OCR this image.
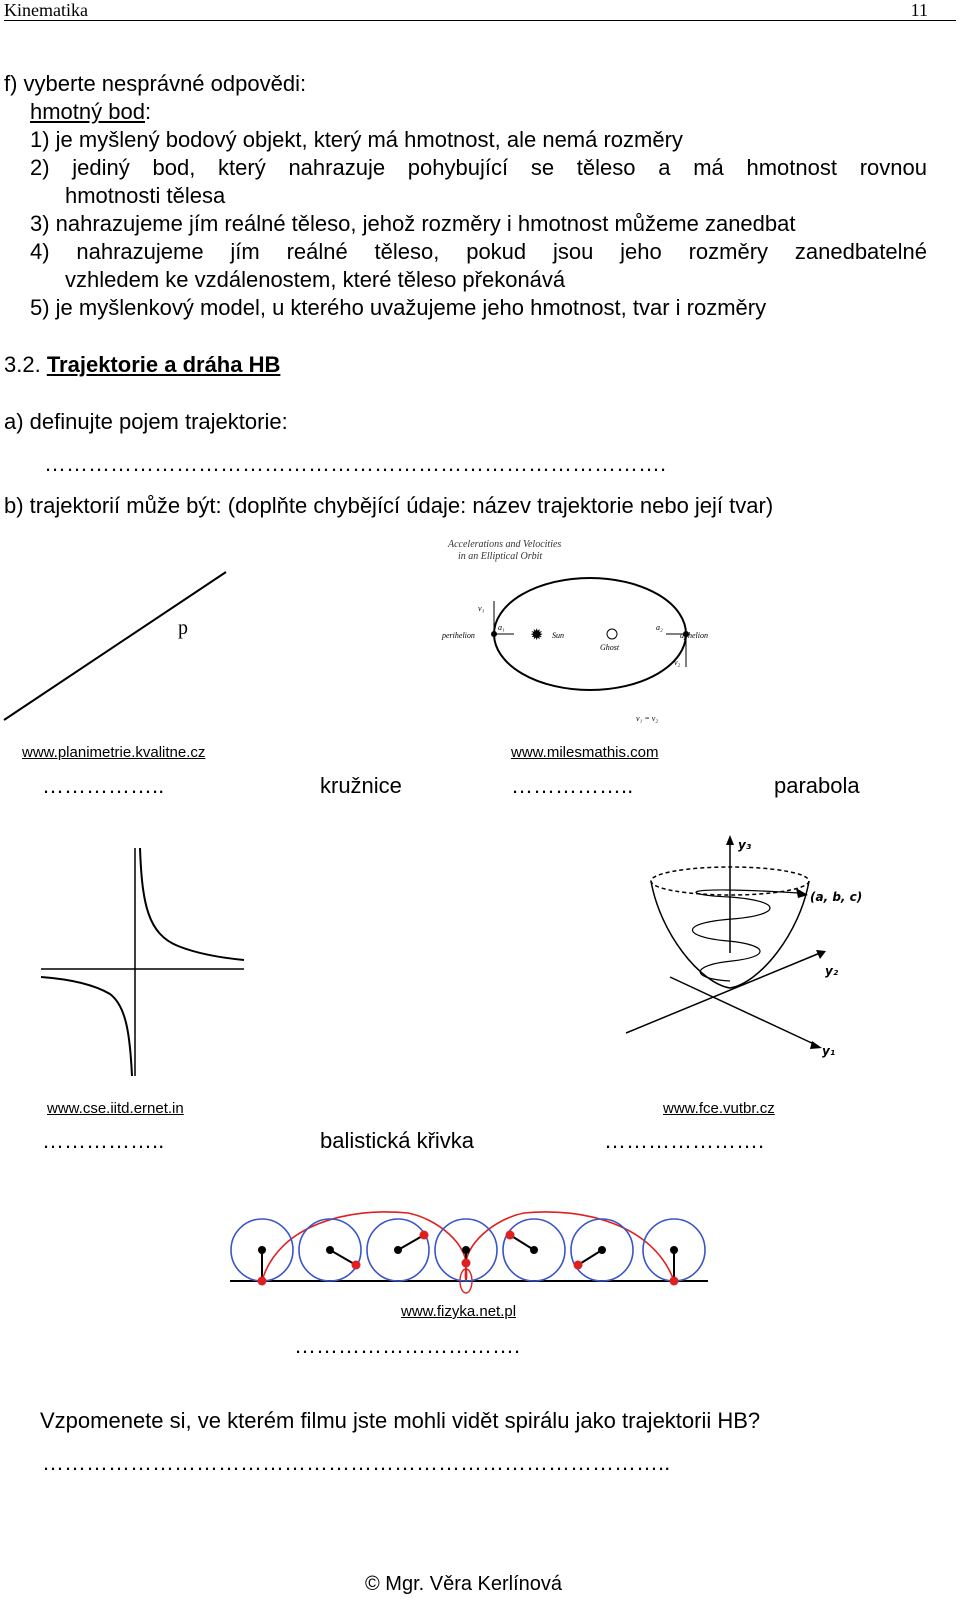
Kinematika	11
f) vyberte nesprávné odpovědi:
hmotný bod:
1) je myšlený bodový objekt, který má hmotnost, ale nemá rozměry
2) jediný bod, který nahrazuje pohybující se těleso a má hmotnost rovnou
hmotnosti tělesa
3) nahrazujeme jím reálné těleso, jehož rozměry i hmotnost můžeme zanedbat
4) nahrazujeme jím reálné těleso, pokud jsou jeho rozměry zanedbatelné
vzhledem ke vzdálenostem, které těleso překonává
5) je myšlenkový model, u kterého uvažujeme jeho hmotnost, tvar i rozměry
3.2. Trajektorie a dráha HB
a) definujte pojem trajektorie:
………………………………………………………………………….
b) trajektorií může být: (doplňte chybějící údaje: název trajektorie nebo její tvar)
p
Accelerations and Velocities
in an Elliptical Orbit
✹
perihelion	aphelion
Sun
Ghost
a₁	a₂
v₁
v₂
v₁ = v₂
www.planimetrie.kvalitne.cz	www.milesmathis.com
……………..	kružnice	……………..	parabola
y₃
y₂
y₁
(a, b, c)
www.cse.iitd.ernet.in	www.fce.vutbr.cz
……………..	balistická křivka	………………….
www.fizyka.net.pl
………………………….
Vzpomenete si, ve kterém filmu jste mohli vidět spirálu jako trajektorii HB?
…………………………………………………………………………..
© Mgr. Věra Kerlínová
